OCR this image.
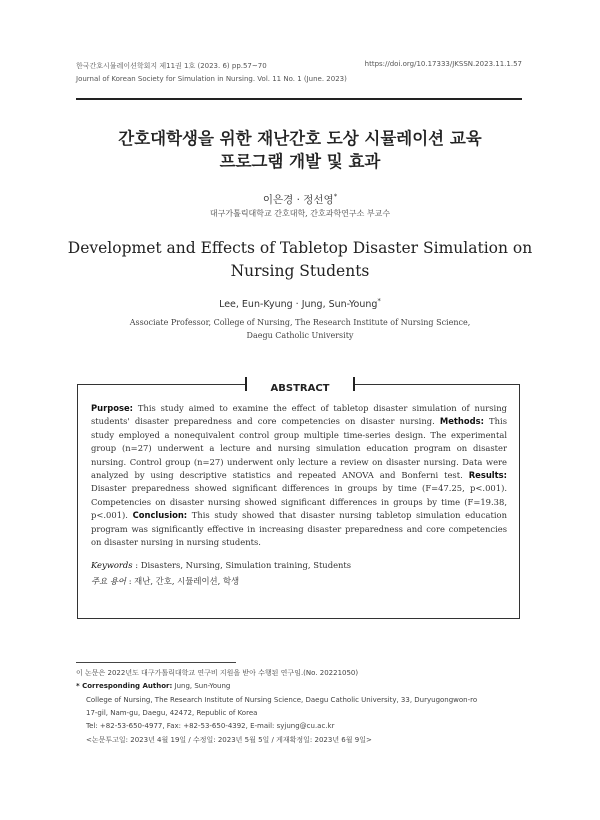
한국간호시뮬레이션학회지 제11권 1호 (2023. 6) pp.57~70
Journal of Korean Society for Simulation in Nursing. Vol. 11 No. 1 (June. 2023)
https://doi.org/10.17333/JKSSN.2023.11.1.57
간호대학생을 위한 재난간호 도상 시뮬레이션 교육
프로그램 개발 및 효과
이은경 · 정선영*
대구가톨릭대학교 간호대학, 간호과학연구소 부교수
Developmet and Effects of Tabletop Disaster Simulation on
Nursing Students
Lee, Eun-Kyung · Jung, Sun-Young*
Associate Professor, College of Nursing, The Research Institute of Nursing Science,
Daegu Catholic University
ABSTRACT
Purpose: This study aimed to examine the effect of tabletop disaster simulation of nursing students' disaster preparedness and core competencies on disaster nursing. Methods: This study employed a nonequivalent control group multiple time-series design. The experimental group (n=27) underwent a lecture and nursing simulation education program on disaster nursing. Control group (n=27) underwent only lecture a review on disaster nursing. Data were analyzed by using descriptive statistics and repeated ANOVA and Bonferni test. Results: Disaster preparedness showed significant differences in groups by time (F=47.25, p<.001). Competencies on disaster nursing showed significant differences in groups by time (F=19.38, p<.001). Conclusion: This study showed that disaster nursing tabletop simulation education program was significantly effective in increasing disaster preparedness and core competencies on disaster nursing in nursing students.
Keywords : Disasters, Nursing, Simulation training, Students
주요 용어 : 재난, 간호, 시뮬레이션, 학생
이 논문은 2022년도 대구가톨릭대학교 연구비 지원을 받아 수행된 연구임.(No. 20221050)
* Corresponding Author: Jung, Sun-Young
College of Nursing, The Research Institute of Nursing Science, Daegu Catholic University, 33, Duryugongwon-ro
17-gil, Nam-gu, Daegu, 42472, Republic of Korea
Tel: +82-53-650-4977, Fax: +82-53-650-4392, E-mail: syjung@cu.ac.kr
<논문투고일: 2023년 4월 19일 / 수정일: 2023년 5월 5일 / 게재확정일: 2023년 6월 9일>
